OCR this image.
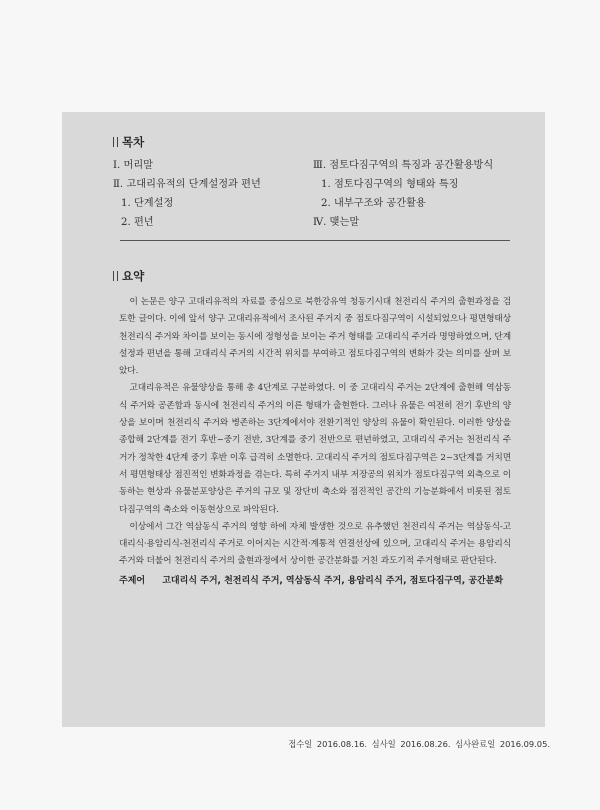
목차
Ⅰ. 머리말
Ⅱ. 고대리유적의 단계설정과 편년
1. 단계설정
2. 편년
Ⅲ. 점토다짐구역의 특징과 공간활용방식
1. 점토다짐구역의 형태와 특징
2. 내부구조와 공간활용
Ⅳ. 맺는말
요약

이 논문은 양구 고대리유적의 자료를 중심으로 북한강유역 청동기시대 천전리식 주거의 출현과정을 검토한 글이다. 이에 앞서 양구 고대리유적에서 조사된 주거지 중 점토다짐구역이 시설되었으나 평면형태상 천전리식 주거와 차이를 보이는 동시에 정형성을 보이는 주거 형태를 고대리식 주거라 명명하였으며, 단계설정과 편년을 통해 고대리식 주거의 시간적 위치를 부여하고 점토다짐구역의 변화가 갖는 의미를 살펴 보았다.

고대리유적은 유물양상을 통해 총 4단계로 구분하였다. 이 중 고대리식 주거는 2단계에 출현해 역삼동식 주거와 공존함과 동시에 천전리식 주거의 이른 형태가 출현한다. 그러나 유물은 여전히 전기 후반의 양상을 보이며 천전리식 주거와 병존하는 3단계에서야 전환기적인 양상의 유물이 확인된다. 이러한 양상을 종합해 2단계를 전기 후반~중기 전반, 3단계를 중기 전반으로 편년하였고, 고대리식 주거는 천전리식 주거가 정착한 4단계 중기 후반 이후 급격히 소멸한다. 고대리식 주거의 점토다짐구역은 2~3단계를 거치면서 평면형태상 점진적인 변화과정을 겪는다. 특히 주거지 내부 저장공의 위치가 점토다짐구역 외측으로 이동하는 현상과 유물분포양상은 주거의 규모 및 장단비 축소와 점진적인 공간의 기능분화에서 비롯된 점토다짐구역의 축소와 이동현상으로 파악된다.

이상에서 그간 역삼동식 주거의 영향 하에 자체 발생한 것으로 유추했던 천전리식 주거는 역삼동식-고대리식·용암리식-천전리식 주거로 이어지는 시간적·계통적 연결선상에 있으며, 고대리식 주거는 용암리식 주거와 더불어 천전리식 주거의 출현과정에서 상이한 공간분화를 거친 과도기적 주거형태로 판단된다.

주제어 고대리식 주거, 천전리식 주거, 역삼동식 주거, 용암리식 주거, 점토다짐구역, 공간분화
접수일 2016.08.16. 심사일 2016.08.26. 심사완료일 2016.09.05.
